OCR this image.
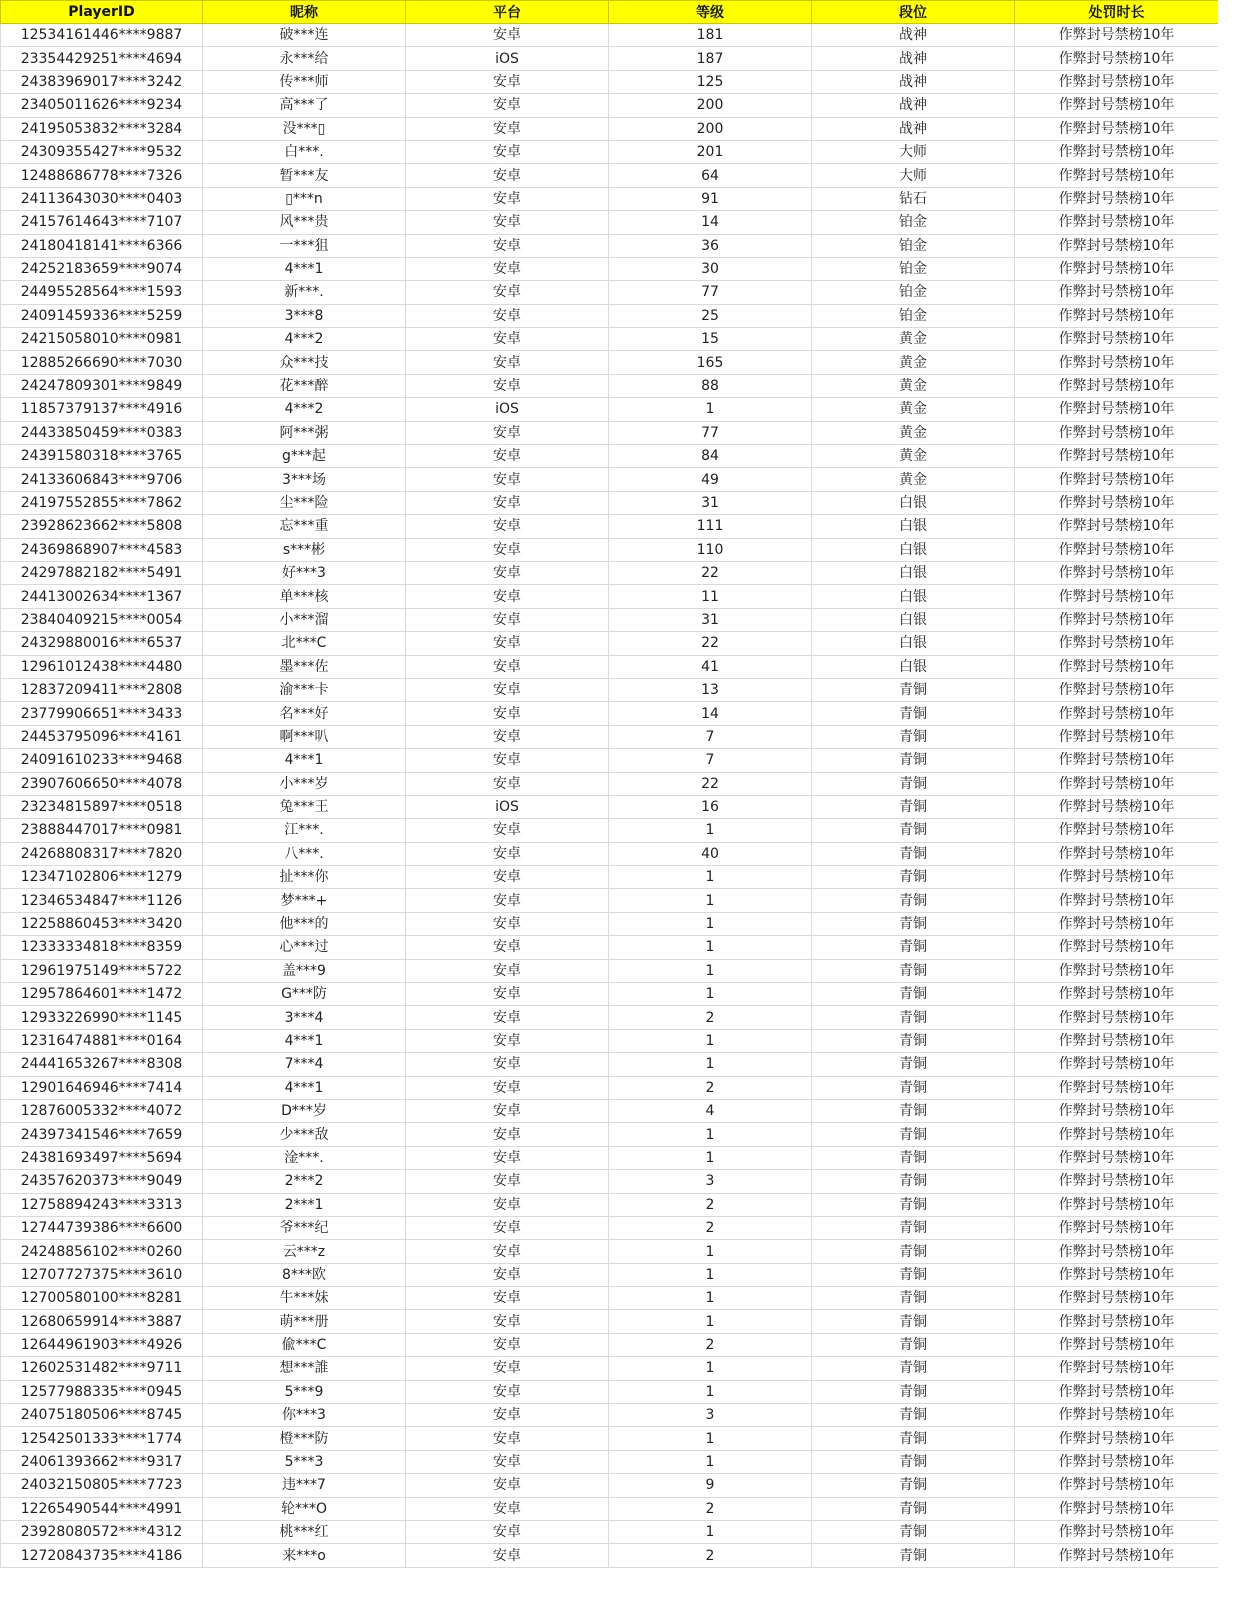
PlayerID	昵称	平台	等级	段位	处罚时长
12534161446****9887	破***连	安卓	181	战神	作弊封号禁榜10年
23354429251****4694	永***给	iOS	187	战神	作弊封号禁榜10年
24383969017****3242	传***师	安卓	125	战神	作弊封号禁榜10年
23405011626****9234	高***了	安卓	200	战神	作弊封号禁榜10年
24195053832****3284	没***▯	安卓	200	战神	作弊封号禁榜10年
24309355427****9532	白***.	安卓	201	大师	作弊封号禁榜10年
12488686778****7326	暂***友	安卓	64	大师	作弊封号禁榜10年
24113643030****0403	▯***n	安卓	91	钻石	作弊封号禁榜10年
24157614643****7107	风***贵	安卓	14	铂金	作弊封号禁榜10年
24180418141****6366	一***狙	安卓	36	铂金	作弊封号禁榜10年
24252183659****9074	4***1	安卓	30	铂金	作弊封号禁榜10年
24495528564****1593	新***.	安卓	77	铂金	作弊封号禁榜10年
24091459336****5259	3***8	安卓	25	铂金	作弊封号禁榜10年
24215058010****0981	4***2	安卓	15	黄金	作弊封号禁榜10年
12885266690****7030	众***技	安卓	165	黄金	作弊封号禁榜10年
24247809301****9849	花***醉	安卓	88	黄金	作弊封号禁榜10年
11857379137****4916	4***2	iOS	1	黄金	作弊封号禁榜10年
24433850459****0383	阿***粥	安卓	77	黄金	作弊封号禁榜10年
24391580318****3765	g***起	安卓	84	黄金	作弊封号禁榜10年
24133606843****9706	3***场	安卓	49	黄金	作弊封号禁榜10年
24197552855****7862	尘***险	安卓	31	白银	作弊封号禁榜10年
23928623662****5808	忘***重	安卓	111	白银	作弊封号禁榜10年
24369868907****4583	s***彬	安卓	110	白银	作弊封号禁榜10年
24297882182****5491	好***3	安卓	22	白银	作弊封号禁榜10年
24413002634****1367	单***核	安卓	11	白银	作弊封号禁榜10年
23840409215****0054	小***溜	安卓	31	白银	作弊封号禁榜10年
24329880016****6537	北***C	安卓	22	白银	作弊封号禁榜10年
12961012438****4480	墨***佐	安卓	41	白银	作弊封号禁榜10年
12837209411****2808	渝***卡	安卓	13	青铜	作弊封号禁榜10年
23779906651****3433	名***好	安卓	14	青铜	作弊封号禁榜10年
24453795096****4161	啊***叭	安卓	7	青铜	作弊封号禁榜10年
24091610233****9468	4***1	安卓	7	青铜	作弊封号禁榜10年
23907606650****4078	小***岁	安卓	22	青铜	作弊封号禁榜10年
23234815897****0518	兔***王	iOS	16	青铜	作弊封号禁榜10年
23888447017****0981	江***.	安卓	1	青铜	作弊封号禁榜10年
24268808317****7820	八***.	安卓	40	青铜	作弊封号禁榜10年
12347102806****1279	扯***你	安卓	1	青铜	作弊封号禁榜10年
12346534847****1126	梦***+	安卓	1	青铜	作弊封号禁榜10年
12258860453****3420	他***的	安卓	1	青铜	作弊封号禁榜10年
12333334818****8359	心***过	安卓	1	青铜	作弊封号禁榜10年
12961975149****5722	盖***9	安卓	1	青铜	作弊封号禁榜10年
12957864601****1472	G***防	安卓	1	青铜	作弊封号禁榜10年
12933226990****1145	3***4	安卓	2	青铜	作弊封号禁榜10年
12316474881****0164	4***1	安卓	1	青铜	作弊封号禁榜10年
24441653267****8308	7***4	安卓	1	青铜	作弊封号禁榜10年
12901646946****7414	4***1	安卓	2	青铜	作弊封号禁榜10年
12876005332****4072	D***岁	安卓	4	青铜	作弊封号禁榜10年
24397341546****7659	少***敌	安卓	1	青铜	作弊封号禁榜10年
24381693497****5694	淦***.	安卓	1	青铜	作弊封号禁榜10年
24357620373****9049	2***2	安卓	3	青铜	作弊封号禁榜10年
12758894243****3313	2***1	安卓	2	青铜	作弊封号禁榜10年
12744739386****6600	爷***纪	安卓	2	青铜	作弊封号禁榜10年
24248856102****0260	云***z	安卓	1	青铜	作弊封号禁榜10年
12707727375****3610	8***欧	安卓	1	青铜	作弊封号禁榜10年
12700580100****8281	牛***妹	安卓	1	青铜	作弊封号禁榜10年
12680659914****3887	萌***册	安卓	1	青铜	作弊封号禁榜10年
12644961903****4926	偸***C	安卓	2	青铜	作弊封号禁榜10年
12602531482****9711	想***誰	安卓	1	青铜	作弊封号禁榜10年
12577988335****0945	5***9	安卓	1	青铜	作弊封号禁榜10年
24075180506****8745	你***3	安卓	3	青铜	作弊封号禁榜10年
12542501333****1774	橙***防	安卓	1	青铜	作弊封号禁榜10年
24061393662****9317	5***3	安卓	1	青铜	作弊封号禁榜10年
24032150805****7723	违***7	安卓	9	青铜	作弊封号禁榜10年
12265490544****4991	轮***O	安卓	2	青铜	作弊封号禁榜10年
23928080572****4312	桃***红	安卓	1	青铜	作弊封号禁榜10年
12720843735****4186	来***o	安卓	2	青铜	作弊封号禁榜10年
